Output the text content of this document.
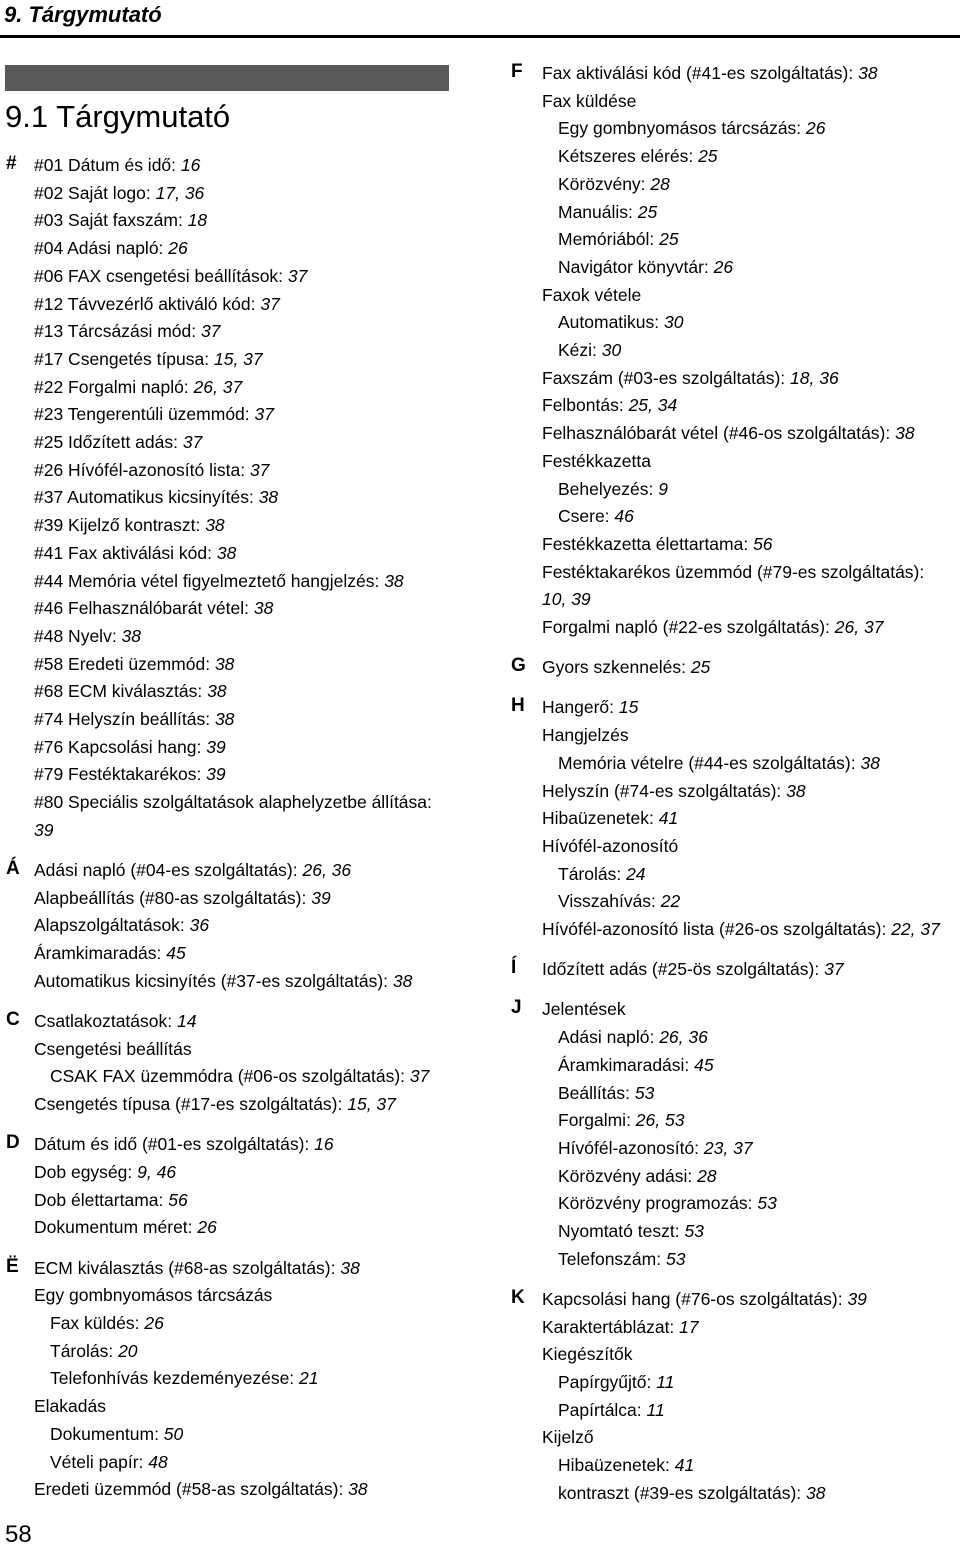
9. Tárgymutató
9.1 Tárgymutató
# #01 Dátum és idő: 16
#02 Saját logo: 17, 36
#03 Saját faxszám: 18
#04 Adási napló: 26
#06 FAX csengetési beállítások: 37
#12 Távvezérlő aktiváló kód: 37
#13 Tárcsázási mód: 37
#17 Csengetés típusa: 15, 37
#22 Forgalmi napló: 26, 37
#23 Tengerentúli üzemmód: 37
#25 Időzített adás: 37
#26 Hívófél-azonosító lista: 37
#37 Automatikus kicsinyítés: 38
#39 Kijelző kontraszt: 38
#41 Fax aktiválási kód: 38
#44 Memória vétel figyelmeztető hangjelzés: 38
#46 Felhasználóbarát vétel: 38
#48 Nyelv: 38
#58 Eredeti üzemmód: 38
#68 ECM kiválasztás: 38
#74 Helyszín beállítás: 38
#76 Kapcsolási hang: 39
#79 Festéktakarékos: 39
#80 Speciális szolgáltatások alaphelyzetbe állítása:
39
Á Adási napló (#04-es szolgáltatás): 26, 36
Alapbeállítás (#80-as szolgáltatás): 39
Alapszolgáltatások: 36
Áramkimaradás: 45
Automatikus kicsinyítés (#37-es szolgáltatás): 38
C Csatlakoztatások: 14
Csengetési beállítás
CSAK FAX üzemmódra (#06-os szolgáltatás): 37
Csengetés típusa (#17-es szolgáltatás): 15, 37
D Dátum és idő (#01-es szolgáltatás): 16
Dob egység: 9, 46
Dob élettartama: 56
Dokumentum méret: 26
Ë ECM kiválasztás (#68-as szolgáltatás): 38
Egy gombnyomásos tárcsázás
Fax küldés: 26
Tárolás: 20
Telefonhívás kezdeményezése: 21
Elakadás
Dokumentum: 50
Vételi papír: 48
Eredeti üzemmód (#58-as szolgáltatás): 38
F Fax aktiválási kód (#41-es szolgáltatás): 38
Fax küldése
Egy gombnyomásos tárcsázás: 26
Kétszeres elérés: 25
Körözvény: 28
Manuális: 25
Memóriából: 25
Navigátor könyvtár: 26
Faxok vétele
Automatikus: 30
Kézi: 30
Faxszám (#03-es szolgáltatás): 18, 36
Felbontás: 25, 34
Felhasználóbarát vétel (#46-os szolgáltatás): 38
Festékkazetta
Behelyezés: 9
Csere: 46
Festékkazetta élettartama: 56
Festéktakarékos üzemmód (#79-es szolgáltatás):
10, 39
Forgalmi napló (#22-es szolgáltatás): 26, 37
G Gyors szkennelés: 25
H Hangerő: 15
Hangjelzés
Memória vételre (#44-es szolgáltatás): 38
Helyszín (#74-es szolgáltatás): 38
Hibaüzenetek: 41
Hívófél-azonosító
Tárolás: 24
Visszahívás: 22
Hívófél-azonosító lista (#26-os szolgáltatás): 22, 37
Í Időzített adás (#25-ös szolgáltatás): 37
J Jelentések
Adási napló: 26, 36
Áramkimaradási: 45
Beállítás: 53
Forgalmi: 26, 53
Hívófél-azonosító: 23, 37
Körözvény adási: 28
Körözvény programozás: 53
Nyomtató teszt: 53
Telefonszám: 53
K Kapcsolási hang (#76-os szolgáltatás): 39
Karaktertáblázat: 17
Kiegészítők
Papírgyűjtő: 11
Papírtálca: 11
Kijelző
Hibaüzenetek: 41
kontraszt (#39-es szolgáltatás): 38
58
